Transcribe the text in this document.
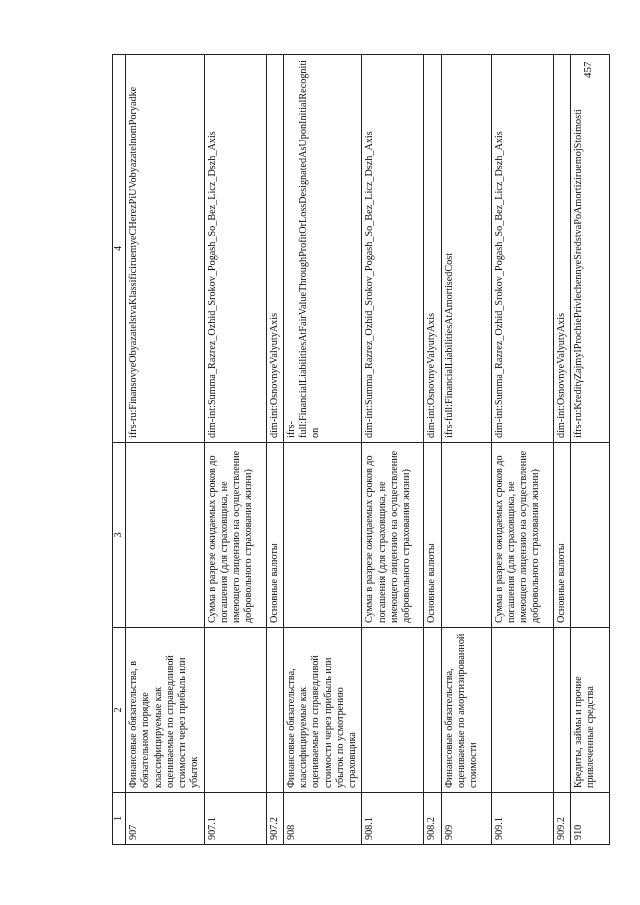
457
1	2	3	4
907	Финансовые обязательства, в обязательном порядке классифицируемые как оцениваемые по справедливой стоимости через прибыль или убыток		ifrs-ru:FinansovyeObyazatelstvaKlassificiruemyeCHerezPiUVobyazatelnomPoryadke
907.1		Сумма в разрезе ожидаемых сроков до погашения (для страховщика, не имеющего лицензию на осуществление добровольного страхования жизни)	dim-int:Summa_Razrez_Ozhid_Srokov_Pogash_So_Bez_Licz_Dszh_Axis
907.2		Основные валюты	dim-int:OsnovnyeValyutyAxis
908	Финансовые обязательства, классифицируемые как оцениваемые по справедливой стоимости через прибыль или убыток по усмотрению страховщика		ifrs-full:FinancialLiabilitiesAtFairValueThroughProfitOrLossDesignatedAsUponInitialRecognition
908.1		Сумма в разрезе ожидаемых сроков до погашения (для страховщика, не имеющего лицензию на осуществление добровольного страхования жизни)	dim-int:Summa_Razrez_Ozhid_Srokov_Pogash_So_Bez_Licz_Dszh_Axis
908.2		Основные валюты	dim-int:OsnovnyeValyutyAxis
909	Финансовые обязательства, оцениваемые по амортизированной стоимости		ifrs-full:FinancialLiabilitiesAtAmortisedCost
909.1		Сумма в разрезе ожидаемых сроков до погашения (для страховщика, не имеющего лицензию на осуществление добровольного страхования жизни)	dim-int:Summa_Razrez_Ozhid_Srokov_Pogash_So_Bez_Licz_Dszh_Axis
909.2		Основные валюты	dim-int:OsnovnyeValyutyAxis
910	Кредиты, займы и прочие привлеченные средства		ifrs-ru:KreditγZajmyIProchiePrivlechennyeSredstvaPoAmortiziruemojStoimosti
